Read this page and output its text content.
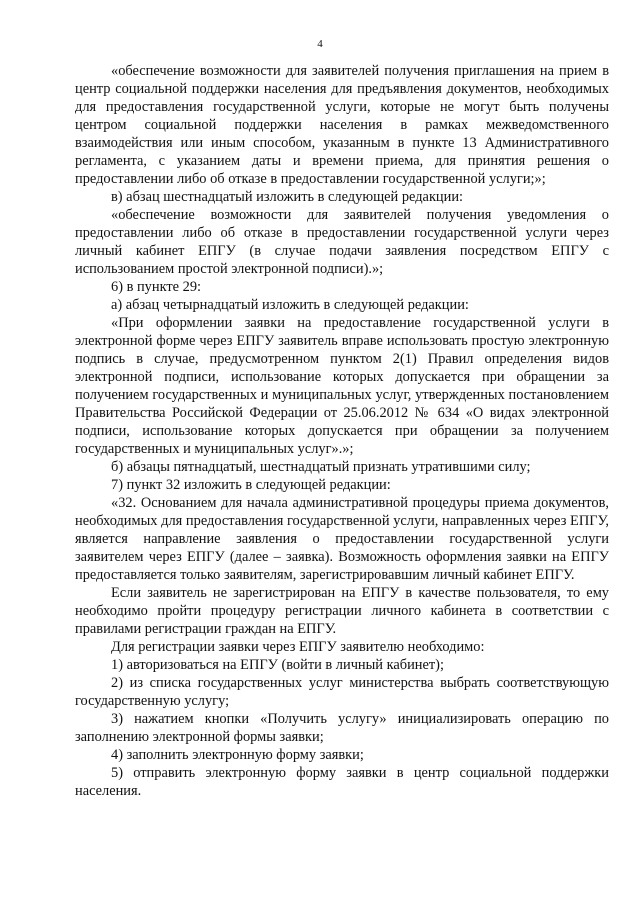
4

«обеспечение возможности для заявителей получения приглашения на прием в центр социальной поддержки населения для предъявления документов, необходимых для предоставления государственной услуги, которые не могут быть получены центром социальной поддержки населения в рамках межведомственного взаимодействия или иным способом, указанным в пункте 13 Административного регламента, с указанием даты и времени приема, для принятия решения о предоставлении либо об отказе в предоставлении государственной услуги;»;

в) абзац шестнадцатый изложить в следующей редакции:

«обеспечение возможности для заявителей получения уведомления о предоставлении либо об отказе в предоставлении государственной услуги через личный кабинет ЕПГУ (в случае подачи заявления посредством ЕПГУ с использованием простой электронной подписи).»;

6) в пункте 29:

а) абзац четырнадцатый изложить в следующей редакции:

«При оформлении заявки на предоставление государственной услуги в электронной форме через ЕПГУ заявитель вправе использовать простую электронную подпись в случае, предусмотренном пунктом 2(1) Правил определения видов электронной подписи, использование которых допускается при обращении за получением государственных и муниципальных услуг, утвержденных постановлением Правительства Российской Федерации от 25.06.2012 № 634 «О видах электронной подписи, использование которых допускается при обращении за получением государственных и муниципальных услуг».»;

б) абзацы пятнадцатый, шестнадцатый признать утратившими силу;

7) пункт 32 изложить в следующей редакции:

«32. Основанием для начала административной процедуры приема документов, необходимых для предоставления государственной услуги, направленных через ЕПГУ, является направление заявления о предоставлении государственной услуги заявителем через ЕПГУ (далее – заявка). Возможность оформления заявки на ЕПГУ предоставляется только заявителям, зарегистрировавшим личный кабинет ЕПГУ.

Если заявитель не зарегистрирован на ЕПГУ в качестве пользователя, то ему необходимо пройти процедуру регистрации личного кабинета в соответствии с правилами регистрации граждан на ЕПГУ.

Для регистрации заявки через ЕПГУ заявителю необходимо:

1) авторизоваться на ЕПГУ (войти в личный кабинет);

2) из списка государственных услуг министерства выбрать соответствующую государственную услугу;

3) нажатием кнопки «Получить услугу» инициализировать операцию по заполнению электронной формы заявки;

4) заполнить электронную форму заявки;

5) отправить электронную форму заявки в центр социальной поддержки населения.
